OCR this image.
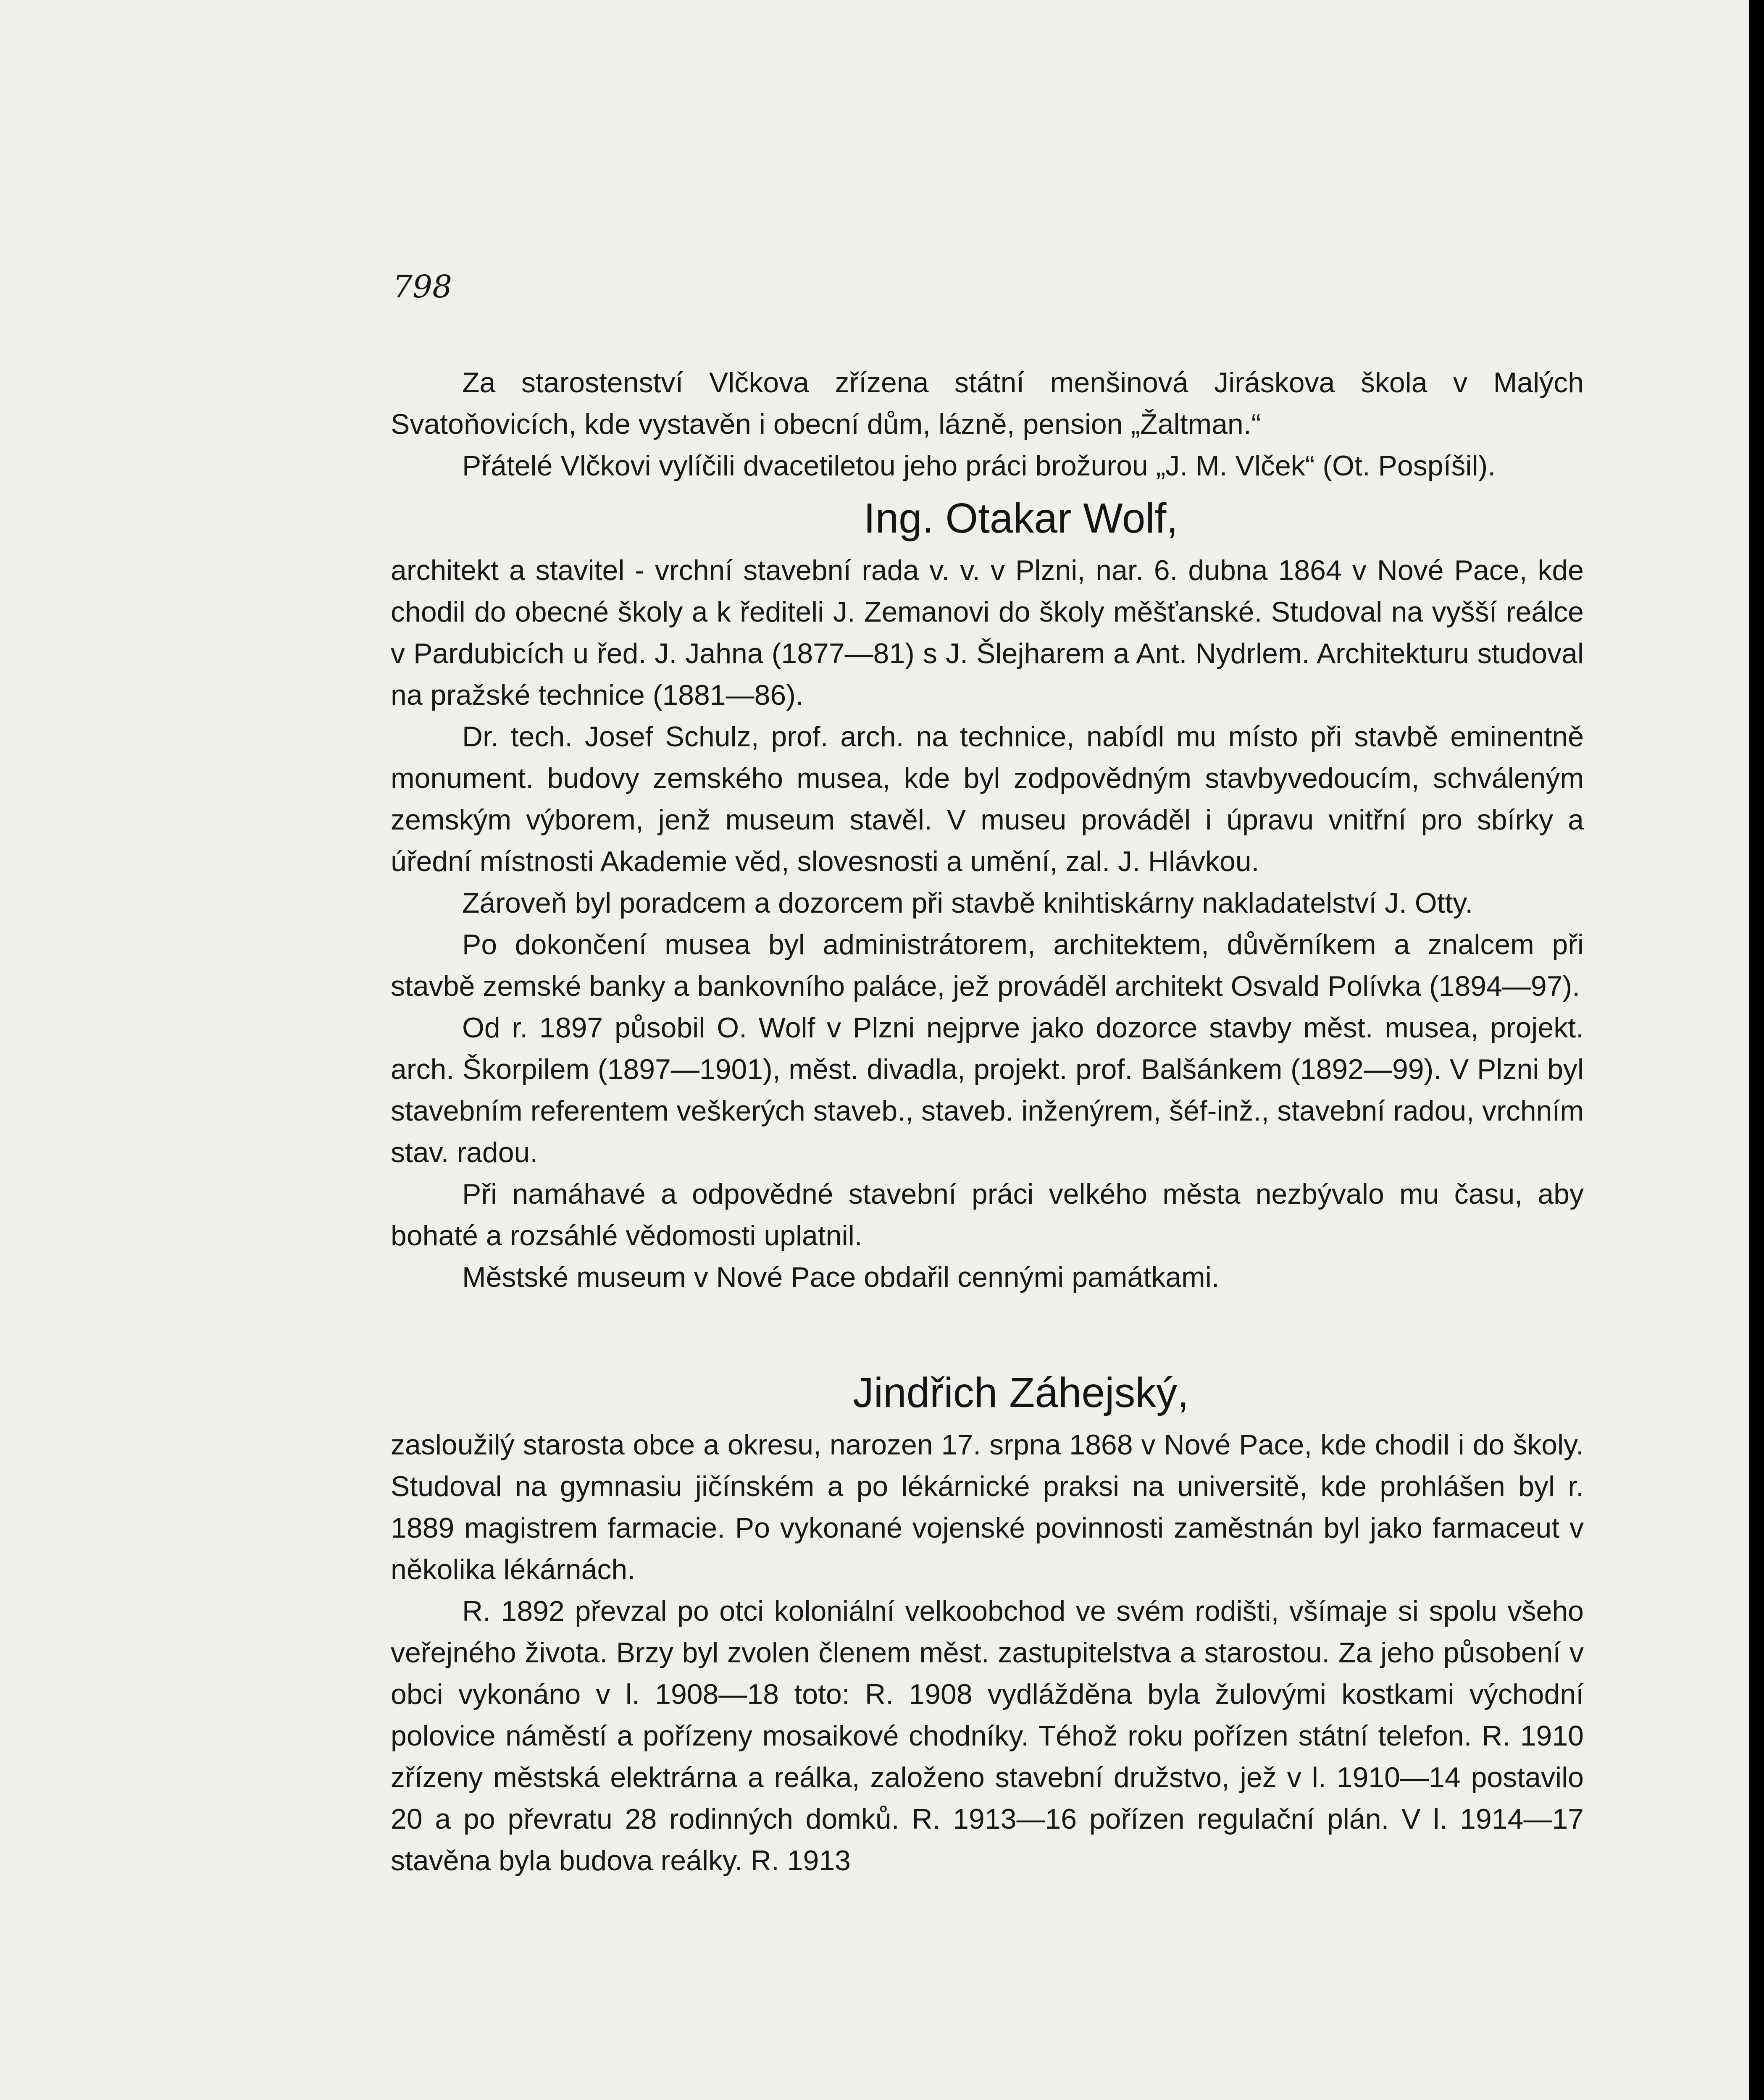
798

Za starostenství Vlčkova zřízena státní menšinová Jiráskova škola v Malých Svatoňovicích, kde vystavěn i obecní dům, lázně, pension „Žaltman.“

Přátelé Vlčkovi vylíčili dvacetiletou jeho práci brožurou „J. M. Vlček“ (Ot. Pospíšil).

Ing. Otakar Wolf,

architekt a stavitel - vrchní stavební rada v. v. v Plzni, nar. 6. dubna 1864 v Nové Pace, kde chodil do obecné školy a k řediteli J. Zemanovi do školy měšťanské. Studoval na vyšší reálce v Pardubicích u řed. J. Jahna (1877—81) s J. Šlejharem a Ant. Nydrlem. Architekturu studoval na pražské technice (1881—86).

Dr. tech. Josef Schulz, prof. arch. na technice, nabídl mu místo při stavbě eminentně monument. budovy zemského musea, kde byl zodpovědným stavbyvedoucím, schváleným zemským výborem, jenž museum stavěl. V museu prováděl i úpravu vnitřní pro sbírky a úřední místnosti Akademie věd, slovesnosti a umění, zal. J. Hlávkou.

Zároveň byl poradcem a dozorcem při stavbě knihtiskárny nakladatelství J. Otty.

Po dokončení musea byl administrátorem, architektem, důvěrníkem a znalcem při stavbě zemské banky a bankovního paláce, jež prováděl architekt Osvald Polívka (1894—97).

Od r. 1897 působil O. Wolf v Plzni nejprve jako dozorce stavby měst. musea, projekt. arch. Škorpilem (1897—1901), měst. divadla, projekt. prof. Balšánkem (1892—99). V Plzni byl stavebním referentem veškerých staveb., staveb. inženýrem, šéf-inž., stavební radou, vrchním stav. radou.

Při namáhavé a odpovědné stavební práci velkého města nezbývalo mu času, aby bohaté a rozsáhlé vědomosti uplatnil.

Městské museum v Nové Pace obdařil cennými památkami.

Jindřich Záhejský,

zasloužilý starosta obce a okresu, narozen 17. srpna 1868 v Nové Pace, kde chodil i do školy. Studoval na gymnasiu jičínském a po lékárnické praksi na universitě, kde prohlášen byl r. 1889 magistrem farmacie. Po vykonané vojenské povinnosti zaměstnán byl jako farmaceut v několika lékárnách.

R. 1892 převzal po otci koloniální velkoobchod ve svém rodišti, všímaje si spolu všeho veřejného života. Brzy byl zvolen členem měst. zastupitelstva a starostou. Za jeho působení v obci vykonáno v l. 1908—18 toto: R. 1908 vydlážděna byla žulovými kostkami východní polovice náměstí a pořízeny mosaikové chodníky. Téhož roku pořízen státní telefon. R. 1910 zřízeny městská elektrárna a reálka, založeno stavební družstvo, jež v l. 1910—14 postavilo 20 a po převratu 28 rodinných domků. R. 1913—16 pořízen regulační plán. V l. 1914—17 stavěna byla budova reálky. R. 1913
